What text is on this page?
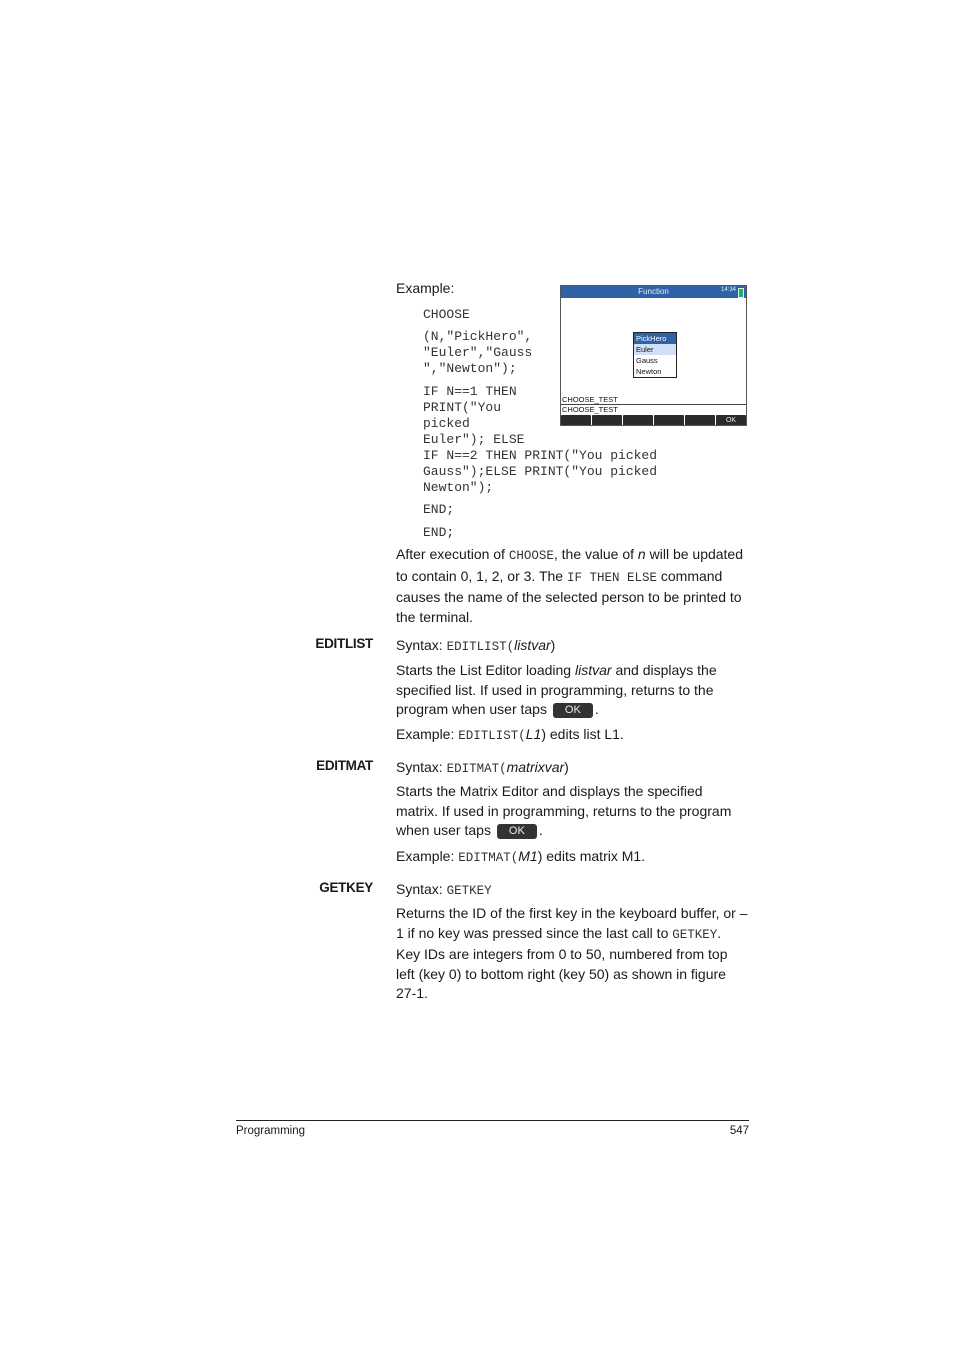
Example:
CHOOSE
(N,"PickHero",
"Euler","Gauss
","Newton");
IF N==1 THEN
PRINT("You
picked
Euler"); ELSE
IF N==2 THEN PRINT("You picked
Gauss");ELSE PRINT("You picked
Newton");
END;
END;
Function	14:34
PickHero
Euler
Gauss
Newton
CHOOSE_TEST
CHOOSE_TEST
OK
After execution of CHOOSE, the value of n will be updated to contain 0, 1, 2, or 3. The IF THEN ELSE command causes the name of the selected person to be printed to the terminal.
EDITLIST Syntax: EDITLIST(listvar)
Starts the List Editor loading listvar and displays the specified list. If used in programming, returns to the program when user taps OK .
Example: EDITLIST(L1) edits list L1.
EDITMAT Syntax: EDITMAT(matrixvar)
Starts the Matrix Editor and displays the specified matrix. If used in programming, returns to the program when user taps OK .
Example: EDITMAT(M1) edits matrix M1.
GETKEY Syntax: GETKEY
Returns the ID of the first key in the keyboard buffer, or –1 if no key was pressed since the last call to GETKEY. Key IDs are integers from 0 to 50, numbered from top left (key 0) to bottom right (key 50) as shown in figure 27-1.
Programming	547
